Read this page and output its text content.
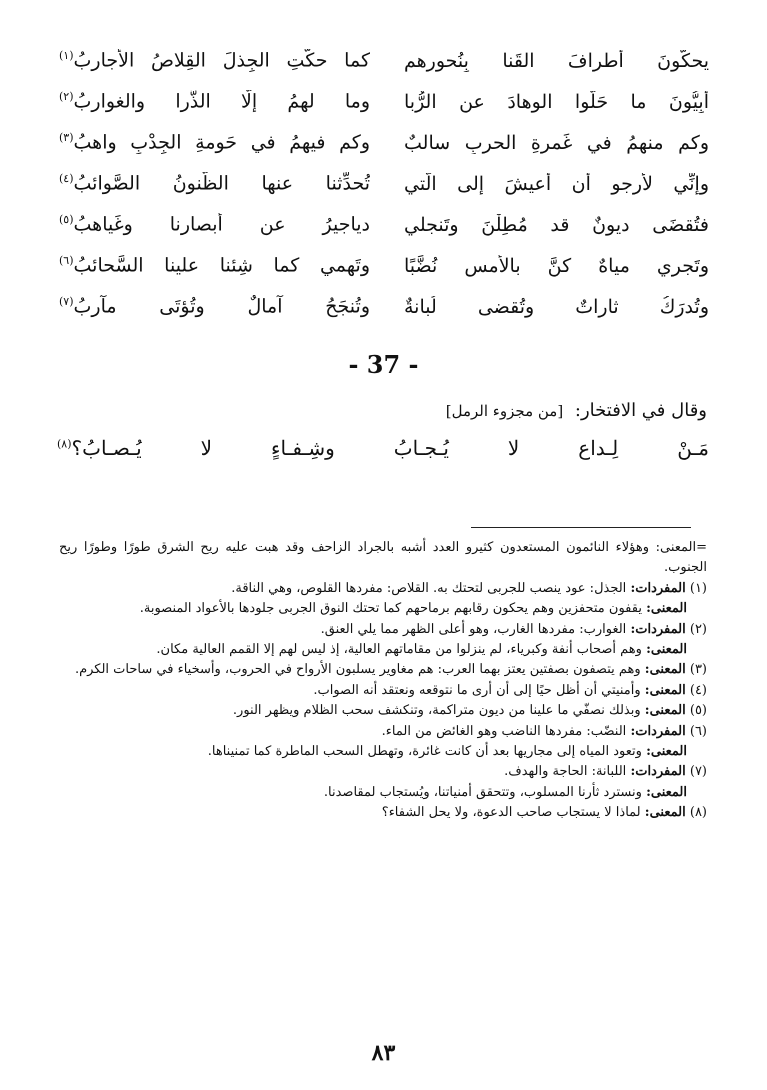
يحكّونَ أطرافَ القَنا بِنُحورهم
كما حكّتِ الجِذلَ القِلاصُ الأجاربُ$^{(١)}$
أبِيُّونَ ما حَلّوا الوهادَ عنِ الرُّبا
وما لهمُ إلّا الذُّرا والغواربُ$^{(٢)}$
وكم منهمُ في غَمرةِ الحربِ سالبٌ
وكم فيهمُ في حَومةِ الجِدْبِ واهبُ$^{(٣)}$
وإنِّي لأرجو أن أعيشَ إلى الَّتي
تُحدِّثنا عنها الظُّنونُ الصَّوائبُ$^{(٤)}$
فتُقضَى ديونٌ قد مُطِلْنَ وتَنجلي
دياجيرُ عن أبصارنا وغَياهبُ$^{(٥)}$
وتَجري مياهٌ كنَّ بالأمسِ نُضَّبًا
وتَهمي كما شِئنا علينا السَّحائبُ$^{(٦)}$
وتُدرَكُ ثاراتٌ وتُقضى لُبانةٌ
وتُنجَحُ آمالٌ وتُؤتَى مآربُ$^{(٧)}$
- 37 -
وقال في الافتخار: [من مجزوء الرمل]
مَـنْ لِـداعٍ لا يُـجـابُ وشِـفـاءٍ لا يُـصـابُ؟$^{(٨)}$
=المعنى: وهؤلاء النائمون المستعدون كثيرو العدد أشبه بالجراد الزاحف وقد هبت عليه ريح الشرق طورًا وطورًا ريح الجنوب.
(١) المفردات: الجذل: عود ينصب للجربى لتحتك به. القلاص: مفردها القلوص، وهي الناقة.
المعنى: يقفون متحفزين وهم يحكون رقابهم برماحهم كما تحتك النوق الجربى جلودها بالأعواد المنصوبة.
(٢) المفردات: الغوارب: مفردها الغارب، وهو أعلى الظهر مما يلي العنق.
المعنى: وهم أصحاب أنفة وكبرياء، لم ينزلوا من مقاماتهم العالية، إذ ليس لهم إلا القمم العالية مكان.
(٣) المعنى: وهم يتصفون بصفتين يعتز بهما العرب: هم مغاوير يسلبون الأرواح في الحروب، وأسخياء في ساحات الكرم.
(٤) المعنى: وأمنيتي أن أظل حيًا إلى أن أرى ما نتوقعه ونعتقد أنه الصواب.
(٥) المعنى: وبذلك نصفّي ما علينا من ديون متراكمة، وتنكشف سحب الظلام ويظهر النور.
(٦) المفردات: النضّب: مفردها الناضب وهو الغائض من الماء.
المعنى: وتعود المياه إلى مجاريها بعد أن كانت غائرة، وتهطل السحب الماطرة كما تمنيناها.
(٧) المفردات: اللبانة: الحاجة والهدف.
المعنى: ونسترد ثأرنا المسلوب، وتتحقق أمنياتنا، ويُستجاب لمقاصدنا.
(٨) المعنى: لماذا لا يستجاب صاحب الدعوة، ولا يحل الشفاء؟
٨٣
